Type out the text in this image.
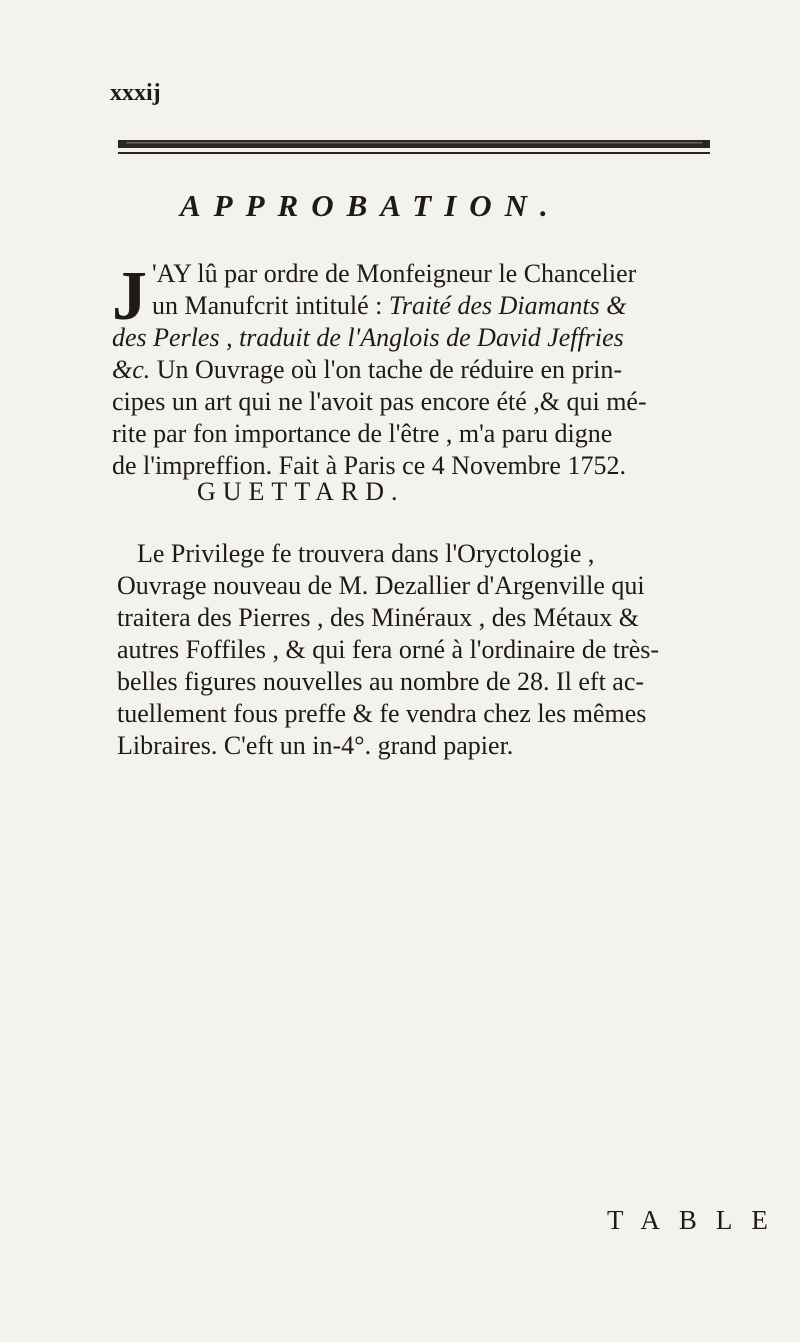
xxxij
APPROBATION.
J 'AY lû par ordre de Monfeigneur le Chancelier
un Manufcrit intitulé : Traité des Diamants &
des Perles , traduit de l'Anglois de David Jeffries
&c. Un Ouvrage où l'on tache de réduire en prin-
cipes un art qui ne l'avoit pas encore été ,& qui mé-
rite par fon importance de l'être , m'a paru digne
de l'impreffion. Fait à Paris ce 4 Novembre 1752.
GUETTARD.
Le Privilege fe trouvera dans l'Oryctologie ,
Ouvrage nouveau de M. Dezallier d'Argenville qui
traitera des Pierres , des Minéraux , des Métaux &
autres Foffiles , & qui fera orné à l'ordinaire de très-
belles figures nouvelles au nombre de 28. Il eft ac-
tuellement fous preffe & fe vendra chez les mêmes
Libraires. C'eft un in-4°. grand papier.
TABLE
